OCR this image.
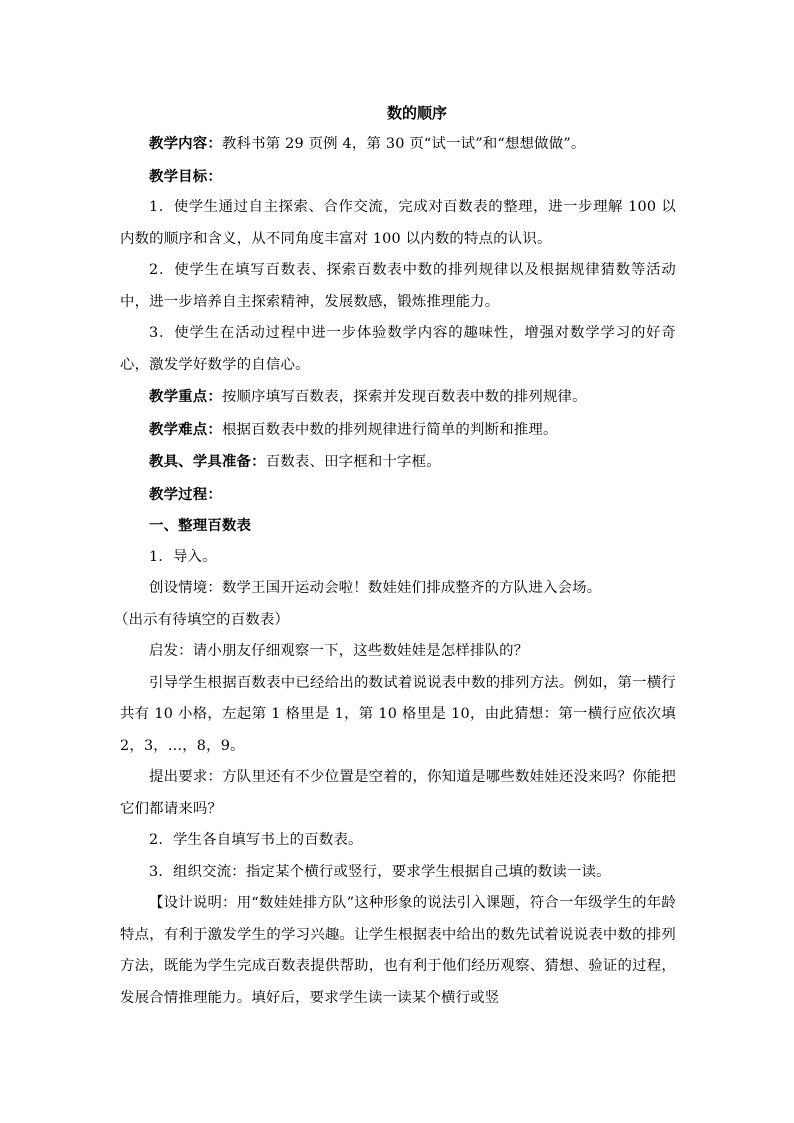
数的顺序

教学内容：教科书第 29 页例 4，第 30 页“试一试”和“想想做做”。

教学目标：

1．使学生通过自主探索、合作交流，完成对百数表的整理，进一步理解 100 以内数的顺序和含义，从不同角度丰富对 100 以内数的特点的认识。

2．使学生在填写百数表、探索百数表中数的排列规律以及根据规律猜数等活动中，进一步培养自主探索精神，发展数感，锻炼推理能力。

3．使学生在活动过程中进一步体验数学内容的趣味性，增强对数学学习的好奇心，激发学好数学的自信心。

教学重点：按顺序填写百数表，探索并发现百数表中数的排列规律。

教学难点：根据百数表中数的排列规律进行简单的判断和推理。

教具、学具准备：百数表、田字框和十字框。

教学过程：

一、整理百数表

1．导入。

创设情境：数学王国开运动会啦！数娃娃们排成整齐的方队进入会场。

（出示有待填空的百数表）

启发：请小朋友仔细观察一下，这些数娃娃是怎样排队的？

引导学生根据百数表中已经给出的数试着说说表中数的排列方法。例如，第一横行共有 10 小格，左起第 1 格里是 1，第 10 格里是 10，由此猜想：第一横行应依次填 2，3，...，8，9。

提出要求：方队里还有不少位置是空着的，你知道是哪些数娃娃还没来吗？你能把它们都请来吗？

2．学生各自填写书上的百数表。

3．组织交流：指定某个横行或竖行，要求学生根据自己填的数读一读。

【设计说明：用“数娃娃排方队”这种形象的说法引入课题，符合一年级学生的年龄特点，有利于激发学生的学习兴趣。让学生根据表中给出的数先试着说说表中数的排列方法，既能为学生完成百数表提供帮助，也有利于他们经历观察、猜想、验证的过程，发展合情推理能力。填好后，要求学生读一读某个横行或竖
